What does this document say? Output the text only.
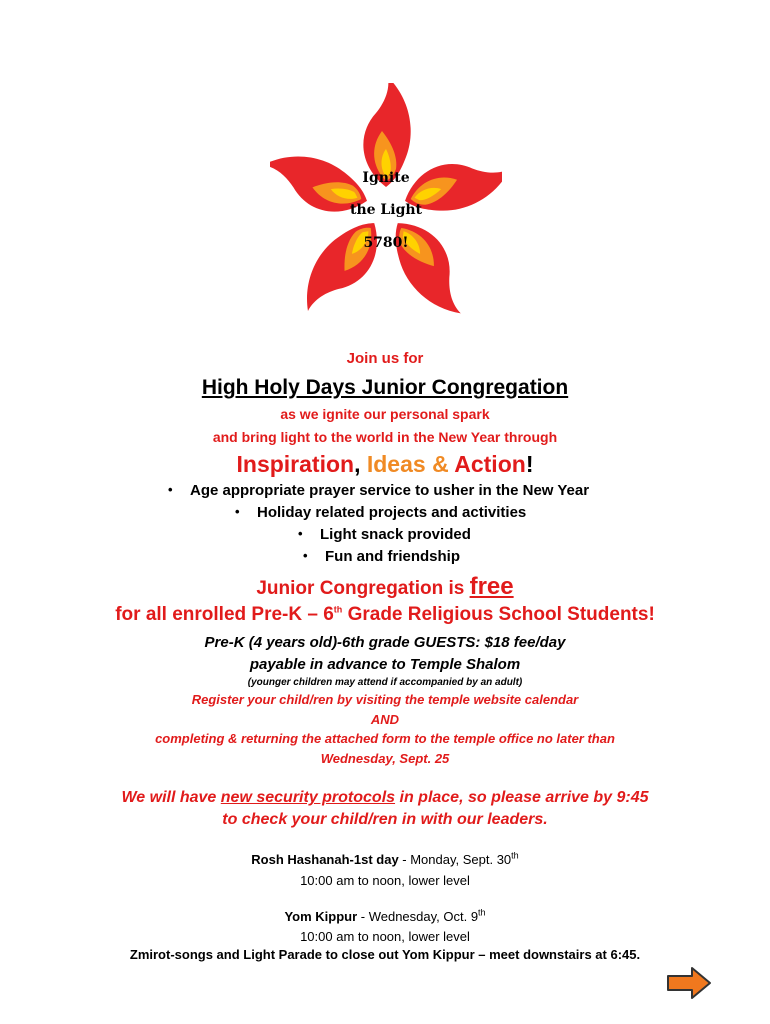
Ignite
the Light
5780!
Join us for
High Holy Days Junior Congregation
as we ignite our personal spark
and bring light to the world in the New Year through
Inspiration, Ideas & Action!
• Age appropriate prayer service to usher in the New Year
• Holiday related projects and activities
• Light snack provided
• Fun and friendship
Junior Congregation is free
for all enrolled Pre-K – 6th Grade Religious School Students!
Pre-K (4 years old)-6th grade GUESTS: $18 fee/day
payable in advance to Temple Shalom
(younger children may attend if accompanied by an adult)
Register your child/ren by visiting the temple website calendar
AND
completing & returning the attached form to the temple office no later than
Wednesday, Sept. 25
We will have new security protocols in place, so please arrive by 9:45
to check your child/ren in with our leaders.
Rosh Hashanah-1st day - Monday, Sept. 30th
10:00 am to noon, lower level
Yom Kippur - Wednesday, Oct. 9th
10:00 am to noon, lower level
Zmirot-songs and Light Parade to close out Yom Kippur – meet downstairs at 6:45.
